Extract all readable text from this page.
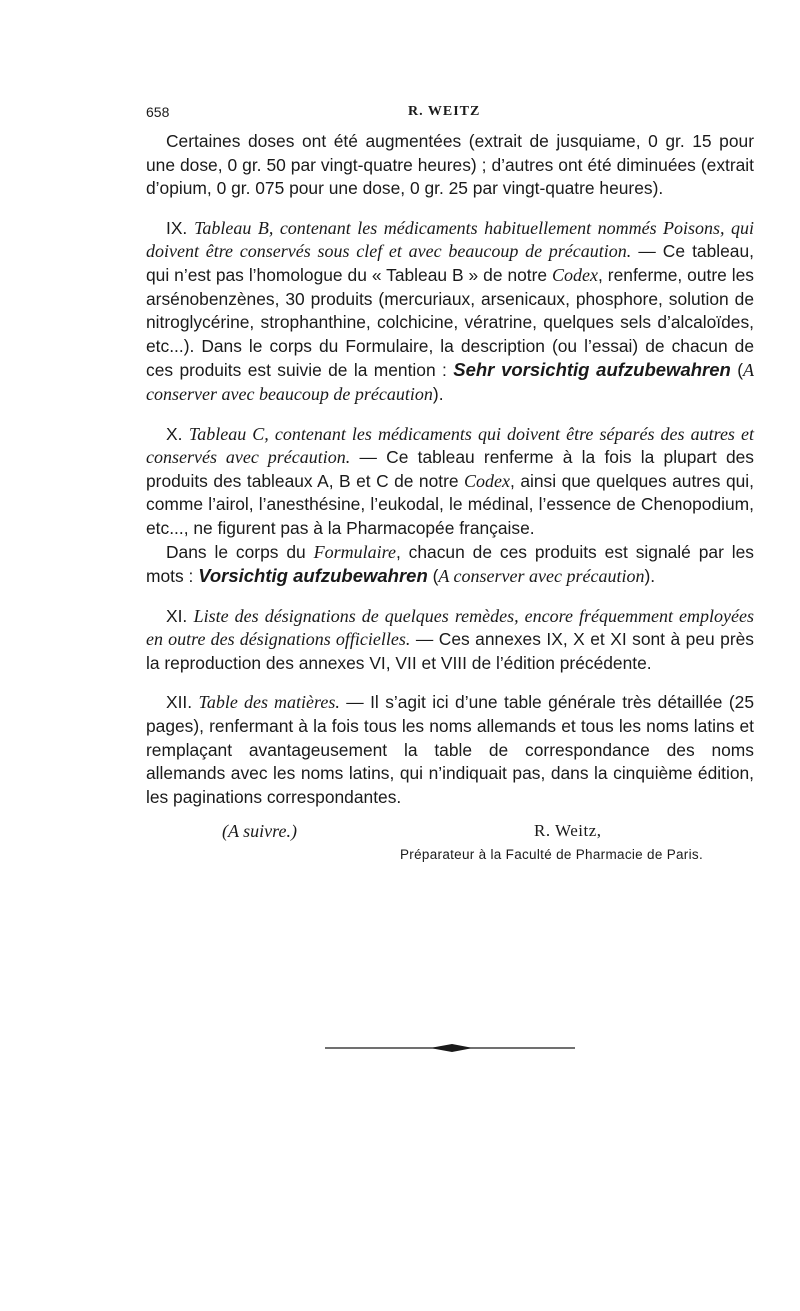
658	R. WEITZ

Certaines doses ont été augmentées (extrait de jusquiame, 0 gr. 15 pour une dose, 0 gr. 50 par vingt-quatre heures) ; d’autres ont été diminuées (extrait d’opium, 0 gr. 075 pour une dose, 0 gr. 25 par vingt-quatre heures).

IX. Tableau B, contenant les médicaments habituellement nommés Poisons, qui doivent être conservés sous clef et avec beaucoup de précaution. — Ce tableau, qui n’est pas l’homologue du « Tableau B » de notre Codex, renferme, outre les arsénobenzènes, 30 produits (mercuriaux, arsenicaux, phosphore, solution de nitroglycérine, strophanthine, colchicine, vératrine, quelques sels d’alcaloïdes, etc...). Dans le corps du Formulaire, la description (ou l’essai) de chacun de ces produits est suivie de la mention : Sehr vorsichtig aufzubewahren (A conserver avec beaucoup de précaution).

X. Tableau C, contenant les médicaments qui doivent être séparés des autres et conservés avec précaution. — Ce tableau renferme à la fois la plupart des produits des tableaux A, B et C de notre Codex, ainsi que quelques autres qui, comme l’airol, l’anesthésine, l’eukodal, le médinal, l’essence de Chenopodium, etc..., ne figurent pas à la Pharmacopée française.

Dans le corps du Formulaire, chacun de ces produits est signalé par les mots : Vorsichtig aufzubewahren (A conserver avec précaution).

XI. Liste des désignations de quelques remèdes, encore fréquemment employées en outre des désignations officielles. — Ces annexes IX, X et XI sont à peu près la reproduction des annexes VI, VII et VIII de l’édition précédente.

XII. Table des matières. — Il s’agit ici d’une table générale très détaillée (25 pages), renfermant à la fois tous les noms allemands et tous les noms latins et remplaçant avantageusement la table de correspondance des noms allemands avec les noms latins, qui n’indiquait pas, dans la cinquième édition, les paginations correspondantes.

(A suivre.)	R. Weitz,
Préparateur à la Faculté de Pharmacie de Paris.
